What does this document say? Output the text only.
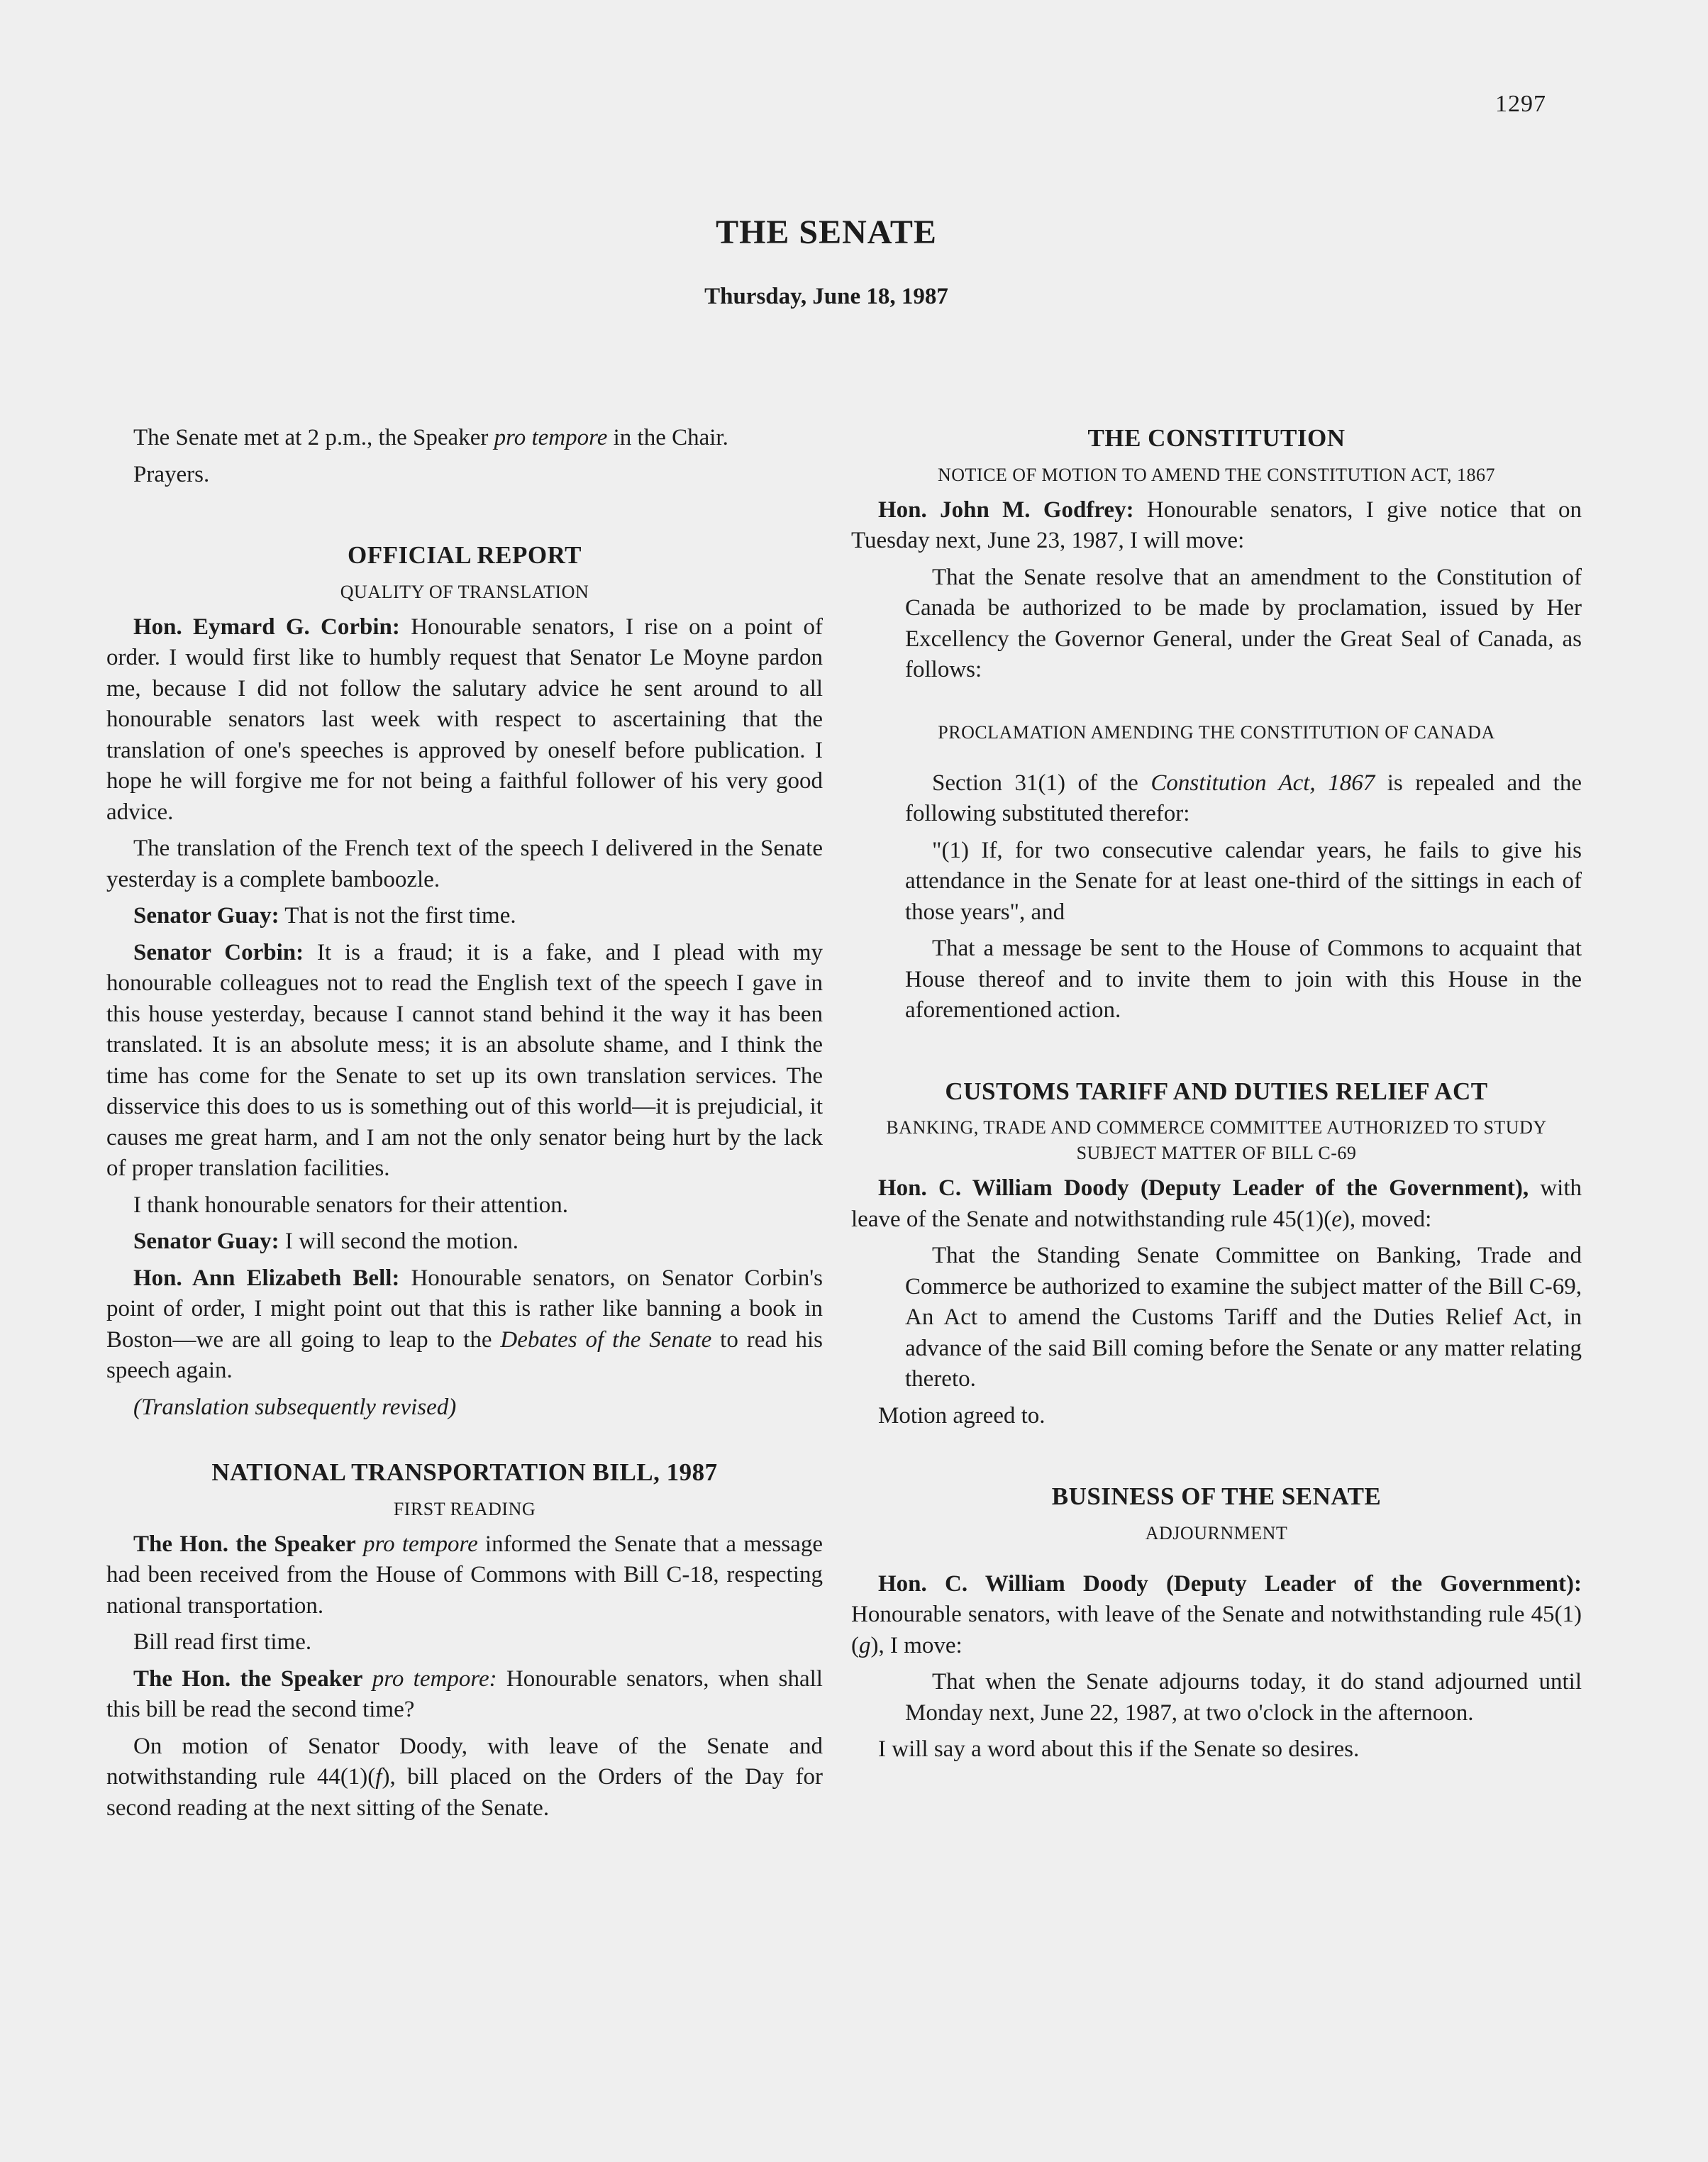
1297
THE SENATE
Thursday, June 18, 1987

The Senate met at 2 p.m., the Speaker pro tempore in the Chair.

Prayers.

OFFICIAL REPORT
QUALITY OF TRANSLATION

Hon. Eymard G. Corbin: Honourable senators, I rise on a point of order. I would first like to humbly request that Senator Le Moyne pardon me, because I did not follow the salutary advice he sent around to all honourable senators last week with respect to ascertaining that the translation of one's speeches is approved by oneself before publication. I hope he will forgive me for not being a faithful follower of his very good advice.

The translation of the French text of the speech I delivered in the Senate yesterday is a complete bamboozle.

Senator Guay: That is not the first time.

Senator Corbin: It is a fraud; it is a fake, and I plead with my honourable colleagues not to read the English text of the speech I gave in this house yesterday, because I cannot stand behind it the way it has been translated. It is an absolute mess; it is an absolute shame, and I think the time has come for the Senate to set up its own translation services. The disservice this does to us is something out of this world—it is prejudicial, it causes me great harm, and I am not the only senator being hurt by the lack of proper translation facilities.

I thank honourable senators for their attention.

Senator Guay: I will second the motion.

Hon. Ann Elizabeth Bell: Honourable senators, on Senator Corbin's point of order, I might point out that this is rather like banning a book in Boston—we are all going to leap to the Debates of the Senate to read his speech again.

(Translation subsequently revised)

NATIONAL TRANSPORTATION BILL, 1987
FIRST READING

The Hon. the Speaker pro tempore informed the Senate that a message had been received from the House of Commons with Bill C-18, respecting national transportation.

Bill read first time.

The Hon. the Speaker pro tempore: Honourable senators, when shall this bill be read the second time?

On motion of Senator Doody, with leave of the Senate and notwithstanding rule 44(1)(f), bill placed on the Orders of the Day for second reading at the next sitting of the Senate.

THE CONSTITUTION
NOTICE OF MOTION TO AMEND THE CONSTITUTION ACT, 1867

Hon. John M. Godfrey: Honourable senators, I give notice that on Tuesday next, June 23, 1987, I will move:

That the Senate resolve that an amendment to the Constitution of Canada be authorized to be made by proclamation, issued by Her Excellency the Governor General, under the Great Seal of Canada, as follows:

PROCLAMATION AMENDING THE CONSTITUTION OF CANADA

Section 31(1) of the Constitution Act, 1867 is repealed and the following substituted therefor:

"(1) If, for two consecutive calendar years, he fails to give his attendance in the Senate for at least one-third of the sittings in each of those years", and

That a message be sent to the House of Commons to acquaint that House thereof and to invite them to join with this House in the aforementioned action.

CUSTOMS TARIFF AND DUTIES RELIEF ACT
BANKING, TRADE AND COMMERCE COMMITTEE AUTHORIZED TO STUDY SUBJECT MATTER OF BILL C-69

Hon. C. William Doody (Deputy Leader of the Government), with leave of the Senate and notwithstanding rule 45(1)(e), moved:

That the Standing Senate Committee on Banking, Trade and Commerce be authorized to examine the subject matter of the Bill C-69, An Act to amend the Customs Tariff and the Duties Relief Act, in advance of the said Bill coming before the Senate or any matter relating thereto.

Motion agreed to.

BUSINESS OF THE SENATE
ADJOURNMENT

Hon. C. William Doody (Deputy Leader of the Government): Honourable senators, with leave of the Senate and notwithstanding rule 45(1)(g), I move:

That when the Senate adjourns today, it do stand adjourned until Monday next, June 22, 1987, at two o'clock in the afternoon.

I will say a word about this if the Senate so desires.
